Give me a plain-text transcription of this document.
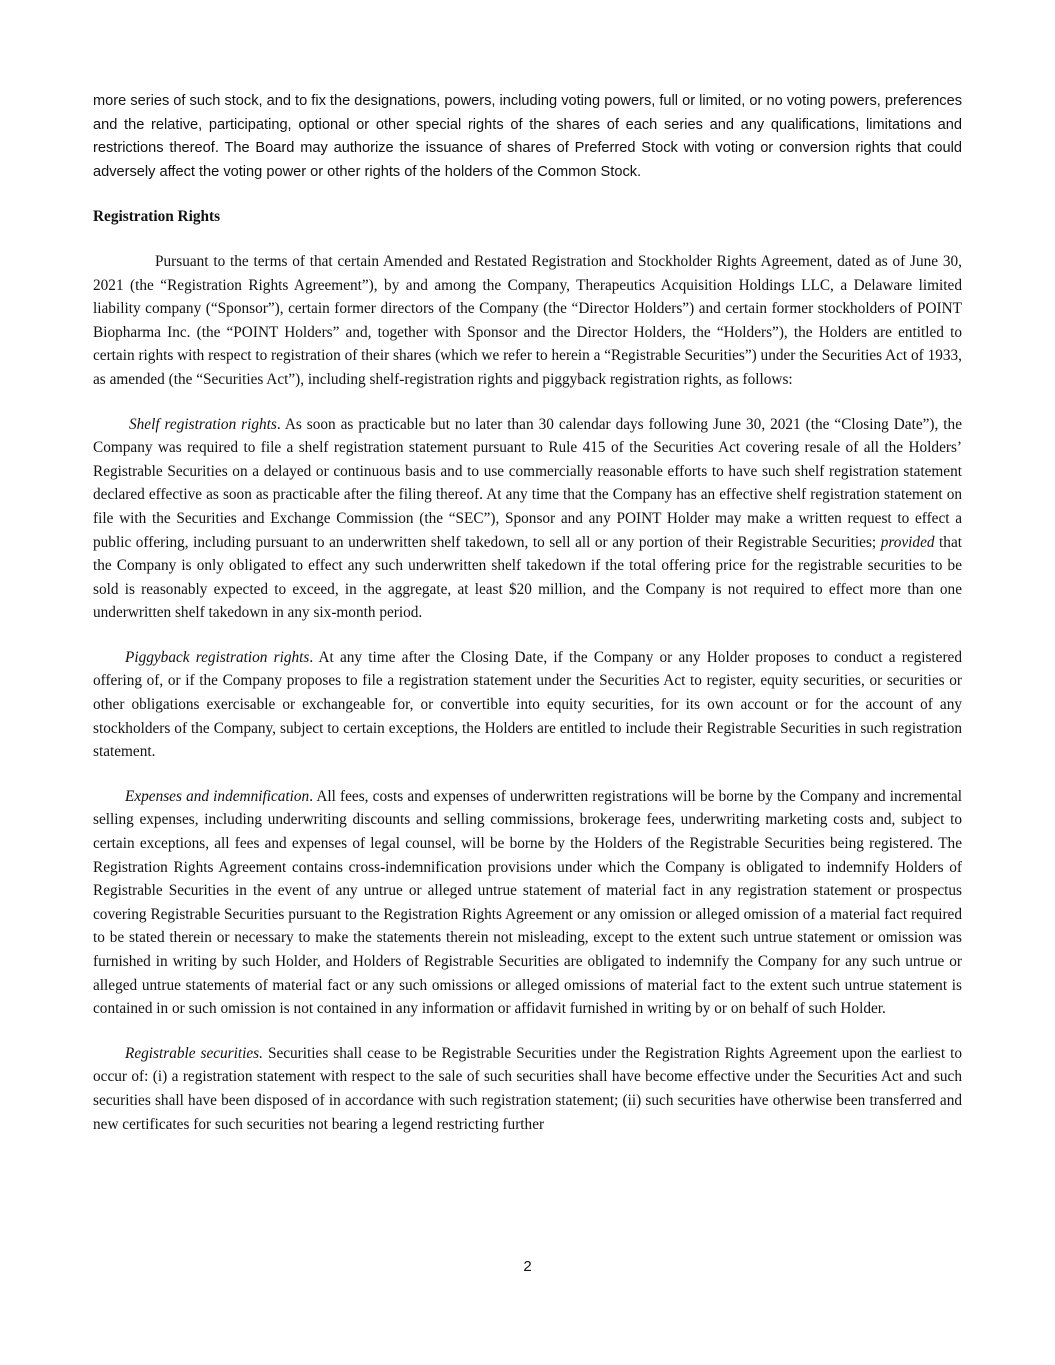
more series of such stock, and to fix the designations, powers, including voting powers, full or limited, or no voting powers, preferences and the relative, participating, optional or other special rights of the shares of each series and any qualifications, limitations and restrictions thereof. The Board may authorize the issuance of shares of Preferred Stock with voting or conversion rights that could adversely affect the voting power or other rights of the holders of the Common Stock.

Registration Rights

Pursuant to the terms of that certain Amended and Restated Registration and Stockholder Rights Agreement, dated as of June 30, 2021 (the “Registration Rights Agreement”), by and among the Company, Therapeutics Acquisition Holdings LLC, a Delaware limited liability company (“Sponsor”), certain former directors of the Company (the “Director Holders”) and certain former stockholders of POINT Biopharma Inc. (the “POINT Holders” and, together with Sponsor and the Director Holders, the “Holders”), the Holders are entitled to certain rights with respect to registration of their shares (which we refer to herein a “Registrable Securities”) under the Securities Act of 1933, as amended (the “Securities Act”), including shelf-registration rights and piggyback registration rights, as follows:

Shelf registration rights. As soon as practicable but no later than 30 calendar days following June 30, 2021 (the “Closing Date”), the Company was required to file a shelf registration statement pursuant to Rule 415 of the Securities Act covering resale of all the Holders’ Registrable Securities on a delayed or continuous basis and to use commercially reasonable efforts to have such shelf registration statement declared effective as soon as practicable after the filing thereof. At any time that the Company has an effective shelf registration statement on file with the Securities and Exchange Commission (the “SEC”), Sponsor and any POINT Holder may make a written request to effect a public offering, including pursuant to an underwritten shelf takedown, to sell all or any portion of their Registrable Securities; provided that the Company is only obligated to effect any such underwritten shelf takedown if the total offering price for the registrable securities to be sold is reasonably expected to exceed, in the aggregate, at least $20 million, and the Company is not required to effect more than one underwritten shelf takedown in any six-month period.

Piggyback registration rights. At any time after the Closing Date, if the Company or any Holder proposes to conduct a registered offering of, or if the Company proposes to file a registration statement under the Securities Act to register, equity securities, or securities or other obligations exercisable or exchangeable for, or convertible into equity securities, for its own account or for the account of any stockholders of the Company, subject to certain exceptions, the Holders are entitled to include their Registrable Securities in such registration statement.

Expenses and indemnification. All fees, costs and expenses of underwritten registrations will be borne by the Company and incremental selling expenses, including underwriting discounts and selling commissions, brokerage fees, underwriting marketing costs and, subject to certain exceptions, all fees and expenses of legal counsel, will be borne by the Holders of the Registrable Securities being registered. The Registration Rights Agreement contains cross-indemnification provisions under which the Company is obligated to indemnify Holders of Registrable Securities in the event of any untrue or alleged untrue statement of material fact in any registration statement or prospectus covering Registrable Securities pursuant to the Registration Rights Agreement or any omission or alleged omission of a material fact required to be stated therein or necessary to make the statements therein not misleading, except to the extent such untrue statement or omission was furnished in writing by such Holder, and Holders of Registrable Securities are obligated to indemnify the Company for any such untrue or alleged untrue statements of material fact or any such omissions or alleged omissions of material fact to the extent such untrue statement is contained in or such omission is not contained in any information or affidavit furnished in writing by or on behalf of such Holder.

Registrable securities. Securities shall cease to be Registrable Securities under the Registration Rights Agreement upon the earliest to occur of: (i) a registration statement with respect to the sale of such securities shall have become effective under the Securities Act and such securities shall have been disposed of in accordance with such registration statement; (ii) such securities have otherwise been transferred and new certificates for such securities not bearing a legend restricting further

2
